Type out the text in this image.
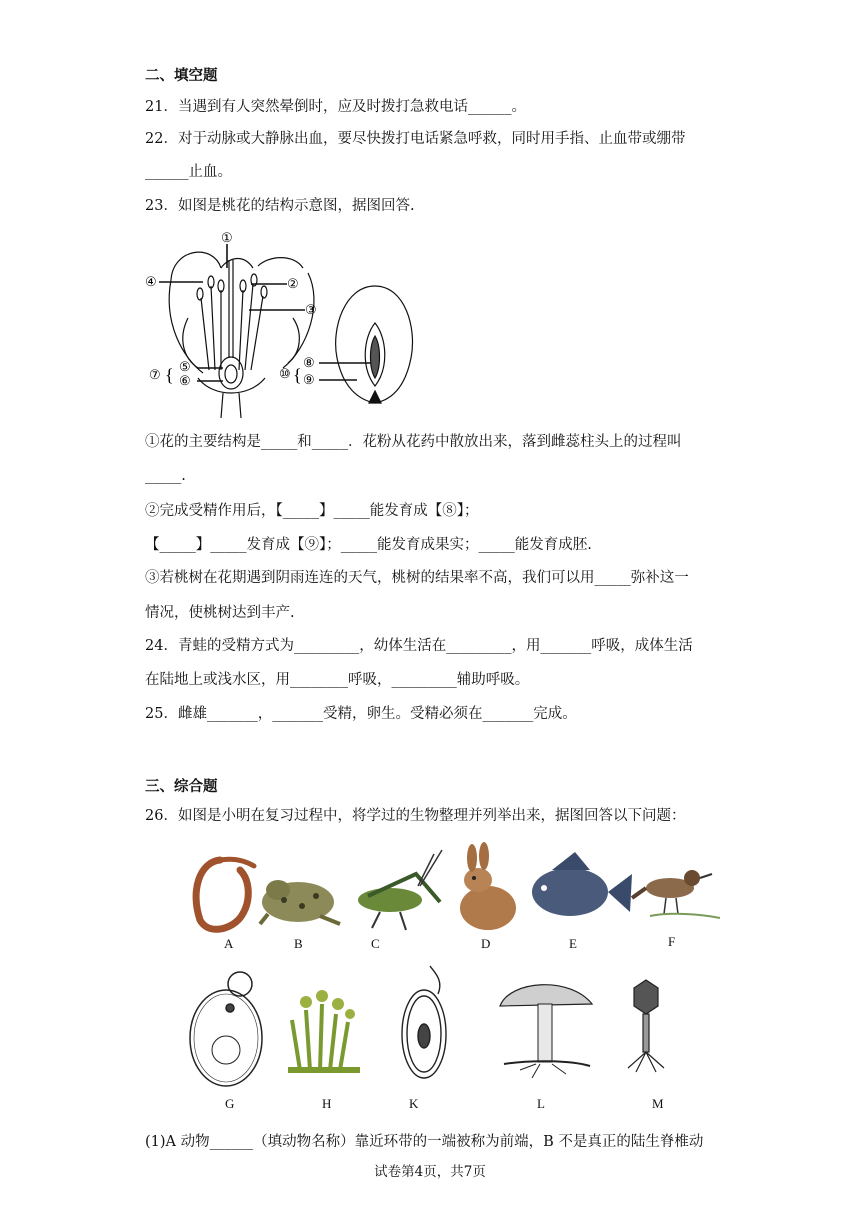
二、填空题
21．当遇到有人突然晕倒时，应及时拨打急救电话______。
22．对于动脉或大静脉出血，要尽快拨打电话紧急呼救，同时用手指、止血带或绷带
______止血。
23．如图是桃花的结构示意图，据图回答.
①
④	②
③
⑤
⑥
⑦ {
⑧
⑨
⑩ {
①花的主要结构是_____和_____．花粉从花药中散放出来，落到雌蕊柱头上的过程叫
_____.
②完成受精作用后，【_____】_____能发育成【⑧】；
【_____】_____发育成【⑨】；_____能发育成果实；_____能发育成胚.
③若桃树在花期遇到阴雨连连的天气，桃树的结果率不高，我们可以用_____弥补这一
情况，使桃树达到丰产.
24．青蛙的受精方式为_________，幼体生活在_________，用_______呼吸，成体生活
在陆地上或浅水区，用________呼吸，_________辅助呼吸。
25．雌雄_______，_______受精，卵生。受精必须在_______完成。
三、综合题
26．如图是小明在复习过程中，将学过的生物整理并列举出来，据图回答以下问题：
A	B	C	D	E	F
G	H	K	L	M
(1)A 动物______（填动物名称）靠近环带的一端被称为前端，B 不是真正的陆生脊椎动
试卷第4页，共7页
